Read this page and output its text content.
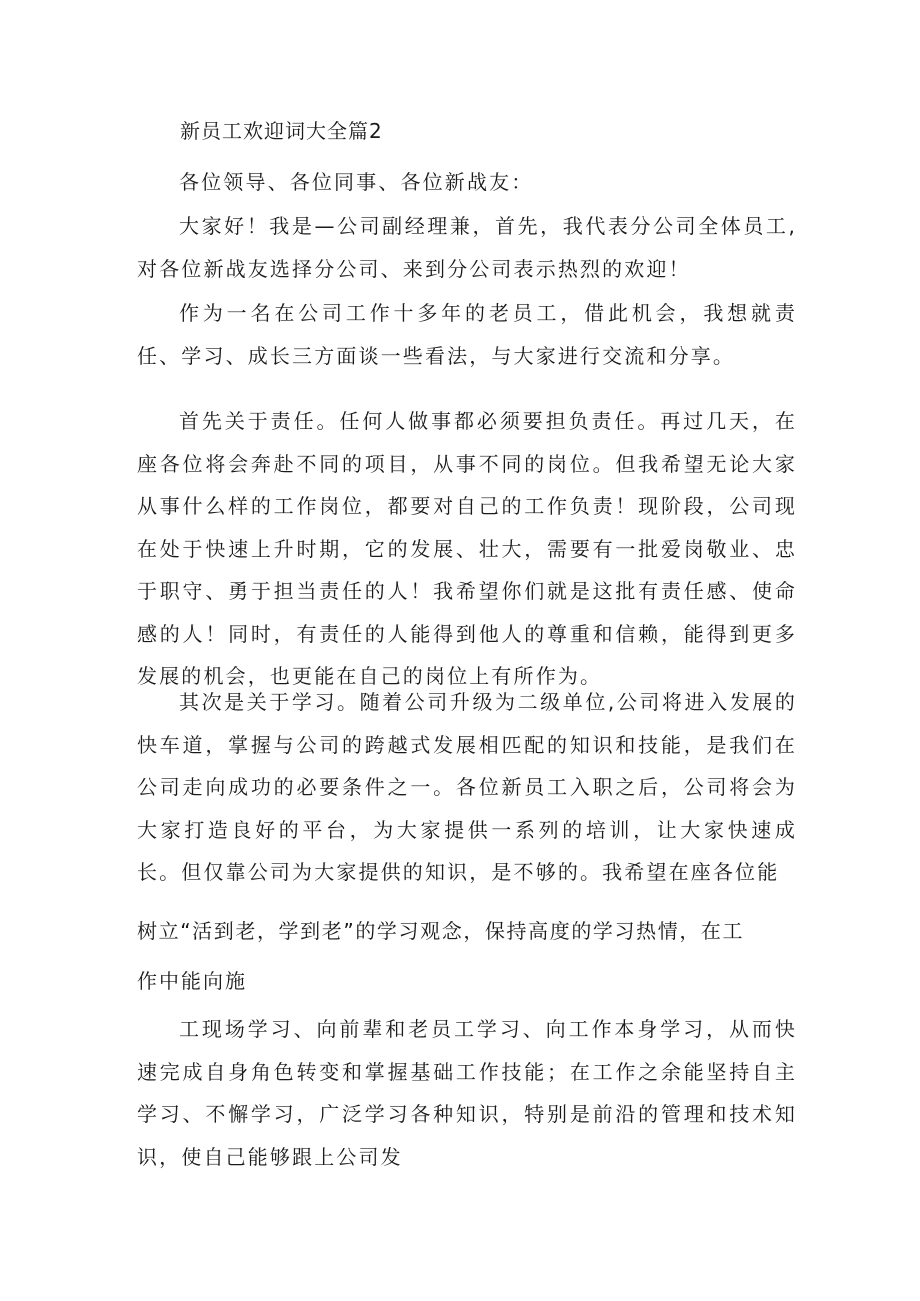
新员工欢迎词大全篇2

各位领导、各位同事、各位新战友：

大家好！我是—公司副经理兼，首先，我代表分公司全体员工,对各位新战友选择分公司、来到分公司表示热烈的欢迎！

作为一名在公司工作十多年的老员工，借此机会，我想就责任、学习、成长三方面谈一些看法，与大家进行交流和分享。

首先关于责任。任何人做事都必须要担负责任。再过几天，在座各位将会奔赴不同的项目，从事不同的岗位。但我希望无论大家从事什么样的工作岗位，都要对自己的工作负责！现阶段，公司现在处于快速上升时期，它的发展、壮大，需要有一批爱岗敬业、忠于职守、勇于担当责任的人！我希望你们就是这批有责任感、使命感的人！同时，有责任的人能得到他人的尊重和信赖，能得到更多发展的机会，也更能在自己的岗位上有所作为。

其次是关于学习。随着公司升级为二级单位,公司将进入发展的快车道，掌握与公司的跨越式发展相匹配的知识和技能，是我们在公司走向成功的必要条件之一。各位新员工入职之后，公司将会为大家打造良好的平台，为大家提供一系列的培训，让大家快速成长。但仅靠公司为大家提供的知识，是不够的。我希望在座各位能

树立“活到老，学到老”的学习观念，保持高度的学习热情，在工
作中能向施

工现场学习、向前辈和老员工学习、向工作本身学习，从而快速完成自身角色转变和掌握基础工作技能；在工作之余能坚持自主学习、不懈学习，广泛学习各种知识，特别是前沿的管理和技术知识，使自己能够跟上公司发
